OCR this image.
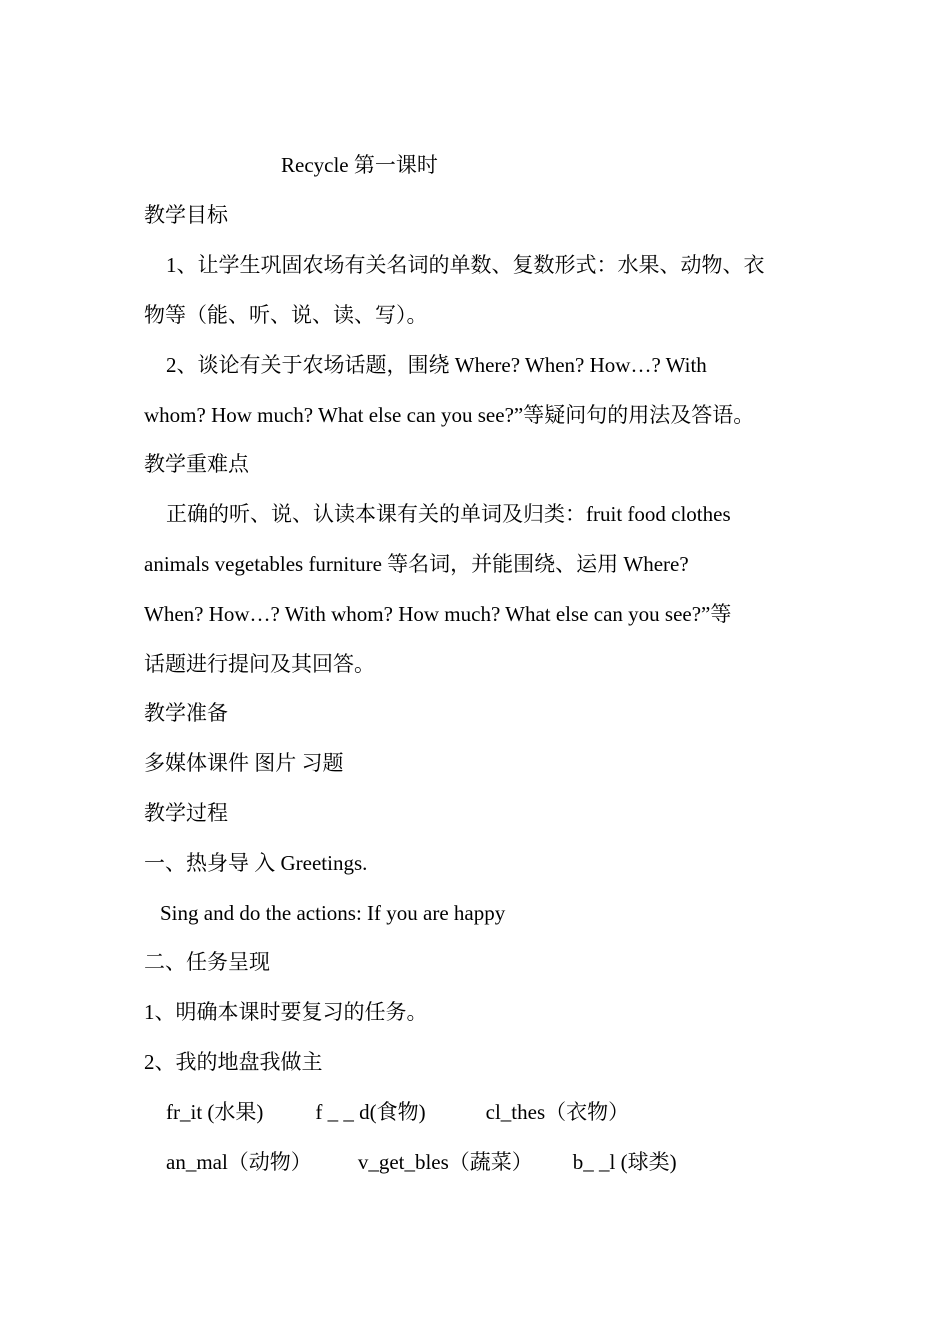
Recycle 第一课时
教学目标
1、让学生巩固农场有关名词的单数、复数形式：水果、动物、衣
物等（能、听、说、读、写）。
2、谈论有关于农场话题，围绕 Where? When? How…? With
whom? How much? What else can you see?”等疑问句的用法及答语。
教学重难点
正确的听、说、认读本课有关的单词及归类：fruit food clothes
animals vegetables furniture 等名词，并能围绕、运用 Where?
When? How…? With whom? How much? What else can you see?”等
话题进行提问及其回答。
教学准备
多媒体课件 图片 习题
教学过程
一、热身导 入 Greetings.
Sing and do the actions: If you are happy
二、任务呈现
1、明确本课时要复习的任务。
2、我的地盘我做主
fr_it (水果) f _ _ d(食物)	cl_thes（衣物）
an_mal（动物） v_get_bles（蔬菜） b_ _l (球类)
